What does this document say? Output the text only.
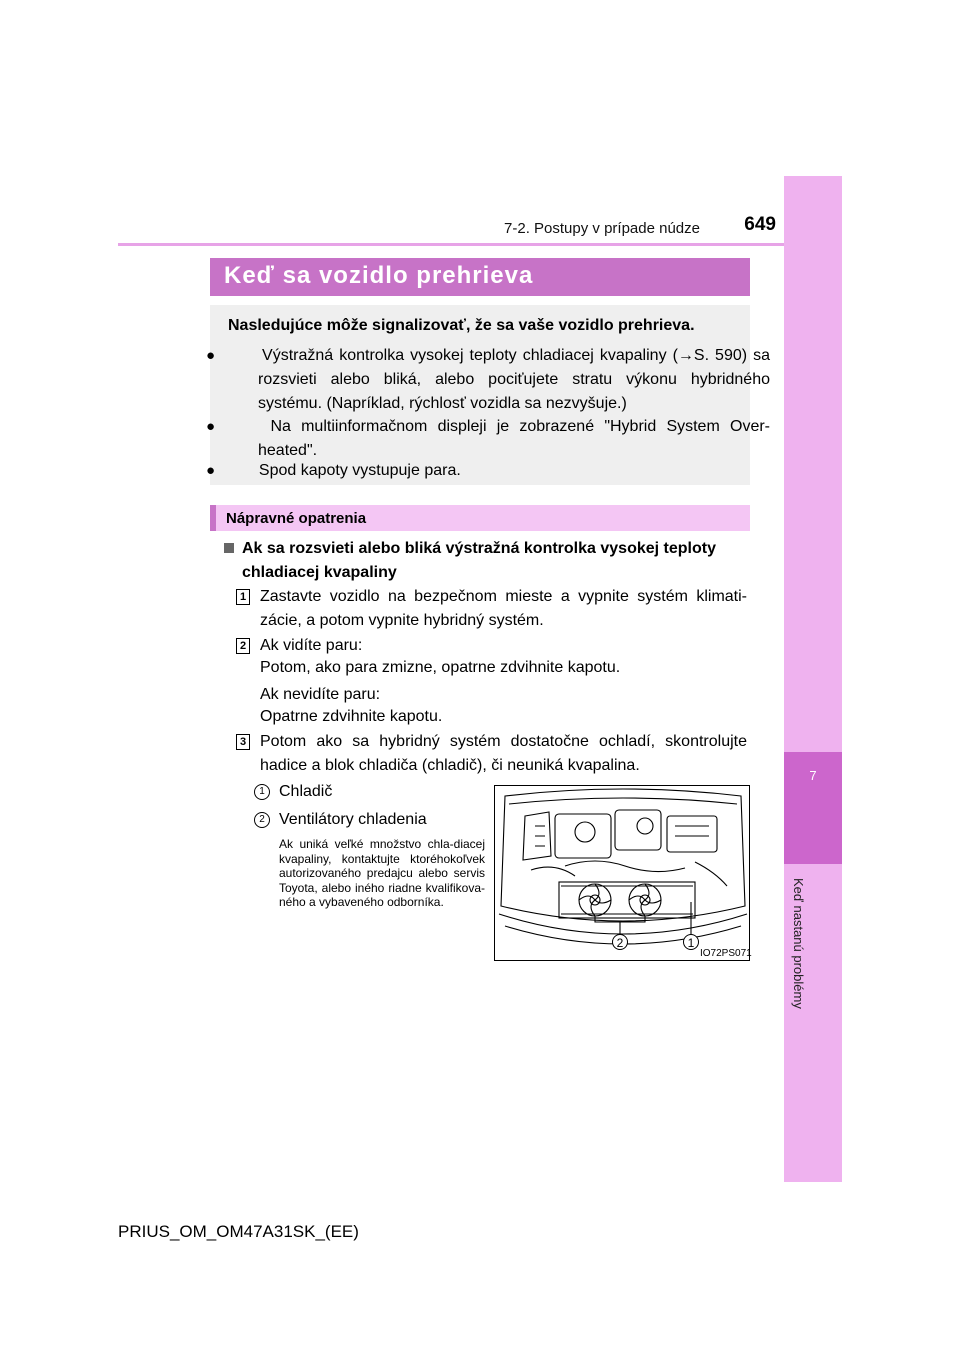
7
Keď nastanú problémy
7-2. Postupy v prípade núdze	649
Keď sa vozidlo prehrieva
Nasledujúce môže signalizovať, že sa vaše vozidlo prehrieva.
●	Výstražná kontrolka vysokej teploty chladiacej kvapaliny (→S. 590) sa rozsvieti alebo bliká, alebo pociťujete stratu výkonu hybridného systému. (Napríklad, rýchlosť vozidla sa nezvyšuje.)
●	Na multiinformačnom displeji je zobrazené "Hybrid System Over-heated".
●	Spod kapoty vystupuje para.
Nápravné opatrenia
Ak sa rozsvieti alebo bliká výstražná kontrolka vysokej teploty chladiacej kvapaliny
1 Zastavte vozidlo na bezpečnom mieste a vypnite systém klimati-zácie, a potom vypnite hybridný systém.
2 Ak vidíte paru:
Potom, ako para zmizne, opatrne zdvihnite kapotu.
Ak nevidíte paru:
Opatrne zdvihnite kapotu.
3 Potom ako sa hybridný systém dostatočne ochladí, skontrolujte hadice a blok chladiča (chladič), či neuniká kvapalina.
1 Chladič
2 Ventilátory chladenia
Ak uniká veľké množstvo chla-diacej kvapaliny, kontaktujte ktoréhokoľvek autorizovaného predajcu alebo servis Toyota, alebo iného riadne kvalifikova-ného a vybaveného odborníka.
2	1
IO72PS071
PRIUS_OM_OM47A31SK_(EE)
